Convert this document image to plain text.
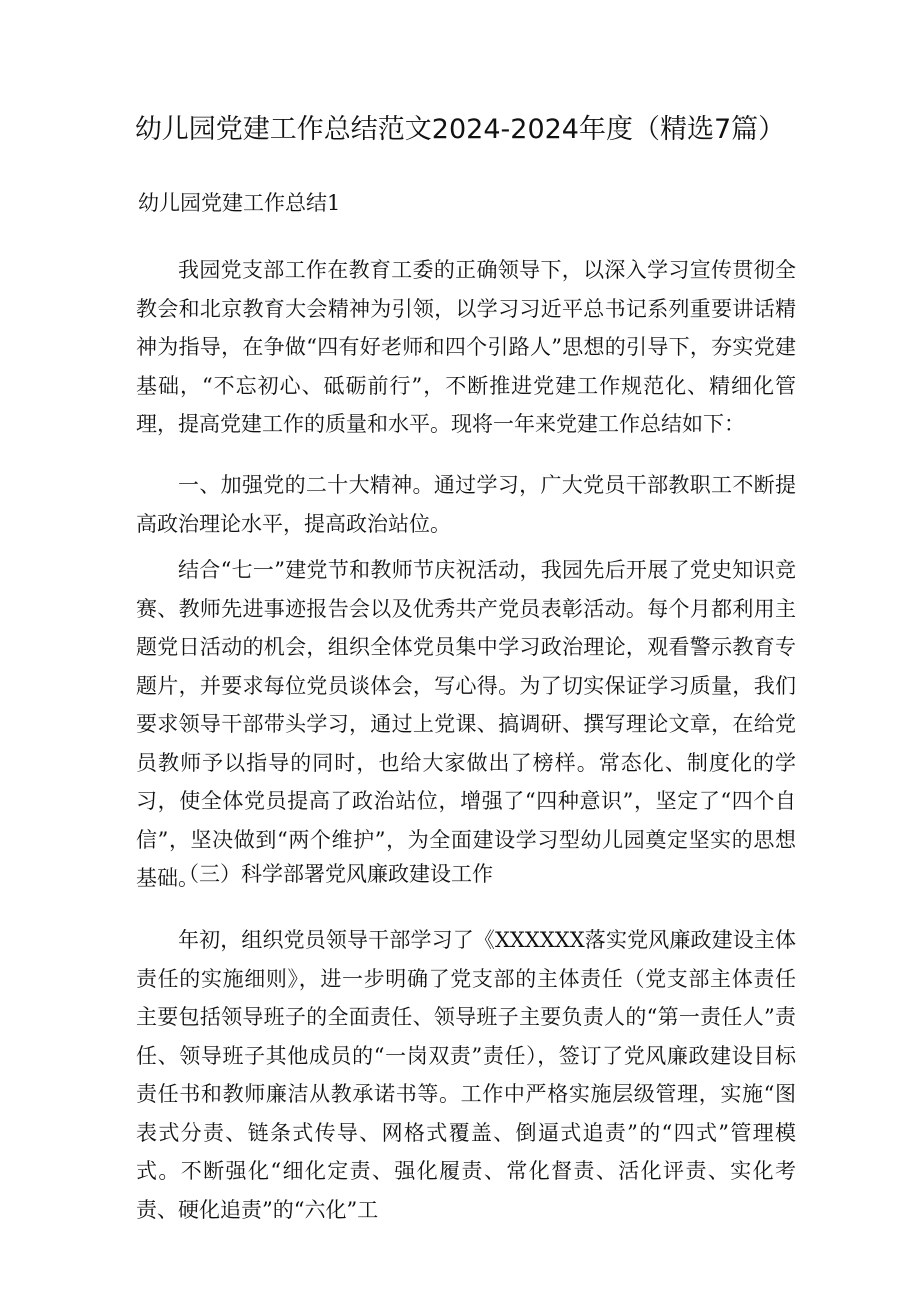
幼儿园党建工作总结范文2024-2024年度（精选7篇）
幼儿园党建工作总结1

我园党支部工作在教育工委的正确领导下，以深入学习宣传贯彻全教会和北京教育大会精神为引领，以学习习近平总书记系列重要讲话精神为指导，在争做“四有好老师和四个引路人”思想的引导下，夯实党建基础，“不忘初心、砥砺前行”，不断推进党建工作规范化、精细化管理，提高党建工作的质量和水平。现将一年来党建工作总结如下：

一、加强党的二十大精神。通过学习，广大党员干部教职工不断提高政治理论水平，提高政治站位。

结合“七一”建党节和教师节庆祝活动，我园先后开展了党史知识竞赛、教师先进事迹报告会以及优秀共产党员表彰活动。每个月都利用主题党日活动的机会，组织全体党员集中学习政治理论，观看警示教育专题片，并要求每位党员谈体会，写心得。为了切实保证学习质量，我们要求领导干部带头学习，通过上党课、搞调研、撰写理论文章，在给党员教师予以指导的同时，也给大家做出了榜样。常态化、制度化的学习，使全体党员提高了政治站位，增强了“四种意识”，坚定了“四个自信”，坚决做到“两个维护”，为全面建设学习型幼儿园奠定坚实的思想基础。

（三）科学部署党风廉政建设工作

年初，组织党员领导干部学习了《XXXXXX落实党风廉政建设主体责任的实施细则》，进一步明确了党支部的主体责任（党支部主体责任主要包括领导班子的全面责任、领导班子主要负责人的“第一责任人”责任、领导班子其他成员的“一岗双责”责任），签订了党风廉政建设目标责任书和教师廉洁从教承诺书等。工作中严格实施层级管理，实施“图表式分责、链条式传导、网格式覆盖、倒逼式追责”的“四式”管理模式。不断强化“细化定责、强化履责、常化督责、活化评责、实化考责、硬化追责”的“六化”工
